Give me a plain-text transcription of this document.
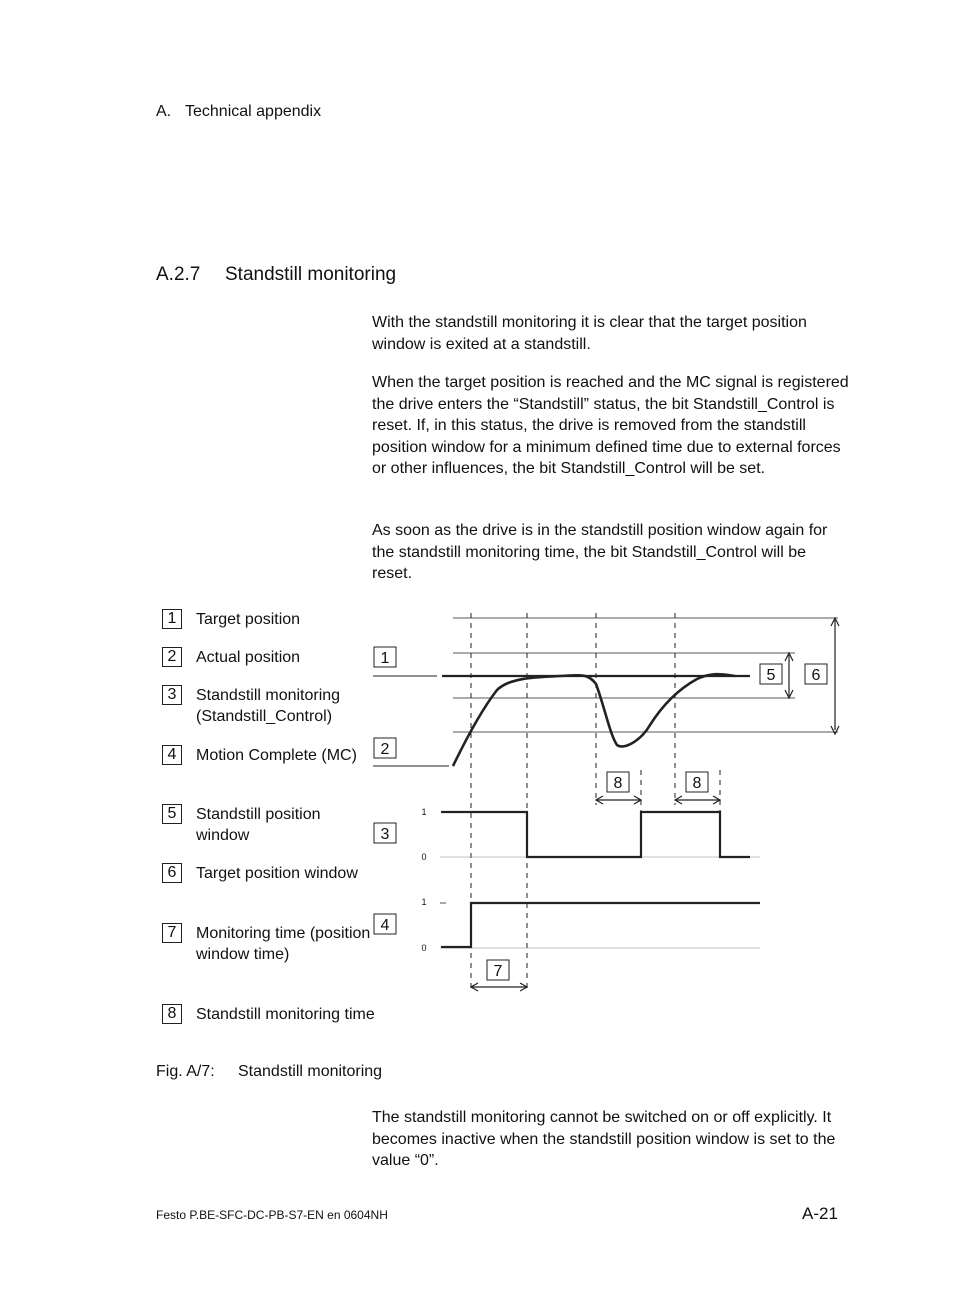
A. Technical appendix
A.2.7 Standstill monitoring
With the standstill monitoring it is clear that the target position window is exited at a standstill.
When the target position is reached and the MC signal is registered the drive enters the “Standstill” status, the bit Standstill_Control is reset. If, in this status, the drive is removed from the standstill position window for a minimum defined time due to external forces or other influences, the bit Standstill_Control will be set.
As soon as the drive is in the standstill position window again for the standstill monitoring time, the bit Standstill_Control will be reset.
1	Target position
2	Actual position
3	Standstill monitoring (Standstill_Control)
4	Motion Complete (MC)
5	Standstill position window
6	Target position window
7	Monitoring time (position window time)
8	Standstill monitoring time
1
2
3
4
5 6
7
8	8
1
0
1
0
Fig. A/7: Standstill monitoring
The standstill monitoring cannot be switched on or off explicitly. It becomes inactive when the standstill position window is set to the value “0”.
Festo P.BE-SFC-DC-PB-S7-EN en 0604NH	A-21
